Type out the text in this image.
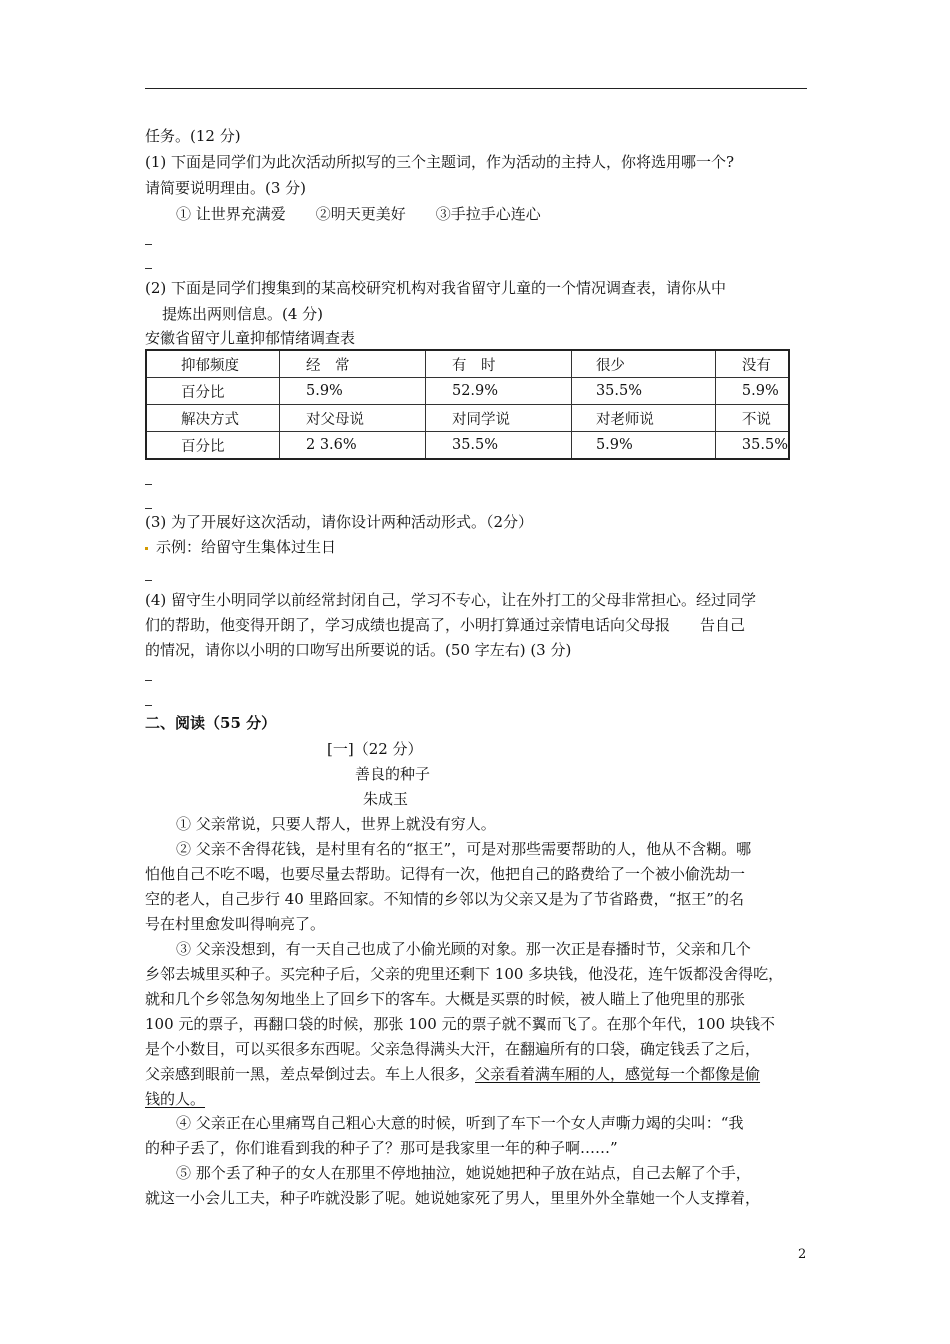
任务。(12 分)
(1) 下面是同学们为此次活动所拟写的三个主题词，作为活动的主持人，你将选用哪一个?
请简要说明理由。(3 分)
① 让世界充满爱　　②明天更美好　　③手拉手心连心
(2) 下面是同学们搜集到的某高校研究机构对我省留守儿童的一个情况调查表，请你从中
提炼出两则信息。(4 分)
安徽省留守儿童抑郁情绪调查表
抑郁频度	经　常	有　时	很少	没有
百分比	5.9%	52.9%	35.5%	5.9%
解决方式	对父母说	对同学说	对老师说	不说
百分比	2 3.6%	35.5%	5.9%	35.5%
(3) 为了开展好这次活动，请你设计两种活动形式。（2分）
示例：给留守生集体过生日
(4) 留守生小明同学以前经常封闭自己，学习不专心，让在外打工的父母非常担心。经过同学
们的帮助，他变得开朗了，学习成绩也提高了，小明打算通过亲情电话向父母报　　告自己
的情况，请你以小明的口吻写出所要说的话。(50 字左右) (3 分)
二、阅读（55 分）
[一]（22 分）
善良的种子
朱成玉
① 父亲常说，只要人帮人，世界上就没有穷人。
② 父亲不舍得花钱，是村里有名的“抠王”，可是对那些需要帮助的人，他从不含糊。哪
怕他自己不吃不喝，也要尽量去帮助。记得有一次，他把自己的路费给了一个被小偷洗劫一
空的老人，自己步行 40 里路回家。不知情的乡邻以为父亲又是为了节省路费，“抠王”的名
号在村里愈发叫得响亮了。
③ 父亲没想到，有一天自己也成了小偷光顾的对象。那一次正是春播时节，父亲和几个
乡邻去城里买种子。买完种子后，父亲的兜里还剩下 100 多块钱，他没花，连午饭都没舍得吃，
就和几个乡邻急匆匆地坐上了回乡下的客车。大概是买票的时候，被人瞄上了他兜里的那张
100 元的票子，再翻口袋的时候，那张 100 元的票子就不翼而飞了。在那个年代，100 块钱不
是个小数目，可以买很多东西呢。父亲急得满头大汗，在翻遍所有的口袋，确定钱丢了之后，
父亲感到眼前一黑，差点晕倒过去。车上人很多，父亲看着满车厢的人，感觉每一个都像是偷
钱的人。
④ 父亲正在心里痛骂自己粗心大意的时候，听到了车下一个女人声嘶力竭的尖叫：“我
的种子丢了，你们谁看到我的种子了？那可是我家里一年的种子啊……”
⑤ 那个丢了种子的女人在那里不停地抽泣，她说她把种子放在站点，自己去解了个手，
就这一小会儿工夫，种子咋就没影了呢。她说她家死了男人，里里外外全靠她一个人支撑着，
2
